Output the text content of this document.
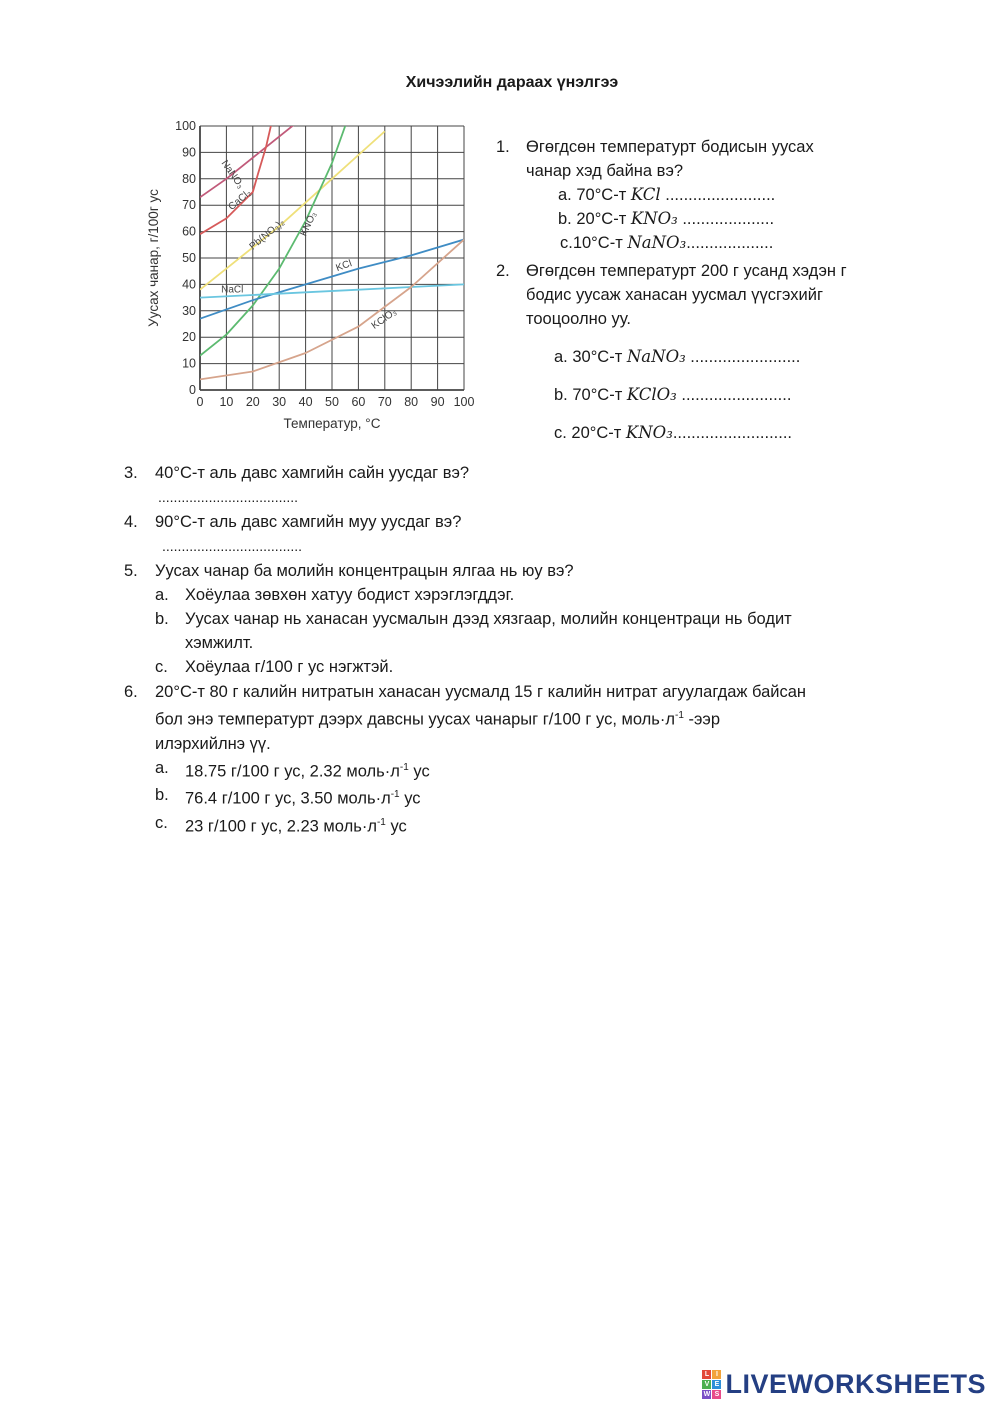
Хичээлийн дараах үнэлгээ
NaNO₃
CaCl₂
Pb(NO₃)₂ KNO₃
KCl
NaCl
KClO₃
0 10 20 30 40 50 60 70 80 90 100
0
10
20
30
40
50
60
70
80
90
100
Температур, °C
Уусах чанар, г/100г ус
1. Өгөгдсөн температурт бодисын уусах
чанар хэд байна вэ?
a. 70°С-т KCl ........................
b. 20°С-т KNO₃ ....................
c.10°С-т NaNO₃...................
2. Өгөгдсөн температурт 200 г усанд хэдэн г
бодис уусаж ханасан уусмал үүсгэхийг
тооцоолно уу.
a. 30°С-т NaNO₃ ........................
b. 70°С-т KClO₃ ........................
c. 20°С-т KNO₃..........................
3. 40°С-т аль давс хамгийн сайн уусдаг вэ?
....................................
4. 90°С-т аль давс хамгийн муу уусдаг вэ?
....................................
5. Уусах чанар ба молийн концентрацын ялгаа нь юу вэ?
a. Хоёулаа зөвхөн хатуу бодист хэрэглэгддэг.
b. Уусах чанар нь ханасан уусмалын дээд хязгаар, молийн концентраци нь бодит
хэмжилт.
c. Хоёулаа г/100 г ус нэгжтэй.
6. 20°С-т 80 г калийн нитратын ханасан уусмалд 15 г калийн нитрат агуулагдаж байсан
бол энэ температурт дээрх давсны уусах чанарыг г/100 г ус, $моль\cdot л^{-1}$ -ээр
илэрхийлнэ үү.
a. 18.75 г/100 г ус, 2.32 $моль\cdot л^{-1}$ ус
b. 76.4 г/100 г ус, 3.50 $моль\cdot л^{-1}$ ус
c. 23 г/100 г ус, 2.23 $моль\cdot л^{-1}$ ус
L I
V E
W S LIVEWORKSHEETS
